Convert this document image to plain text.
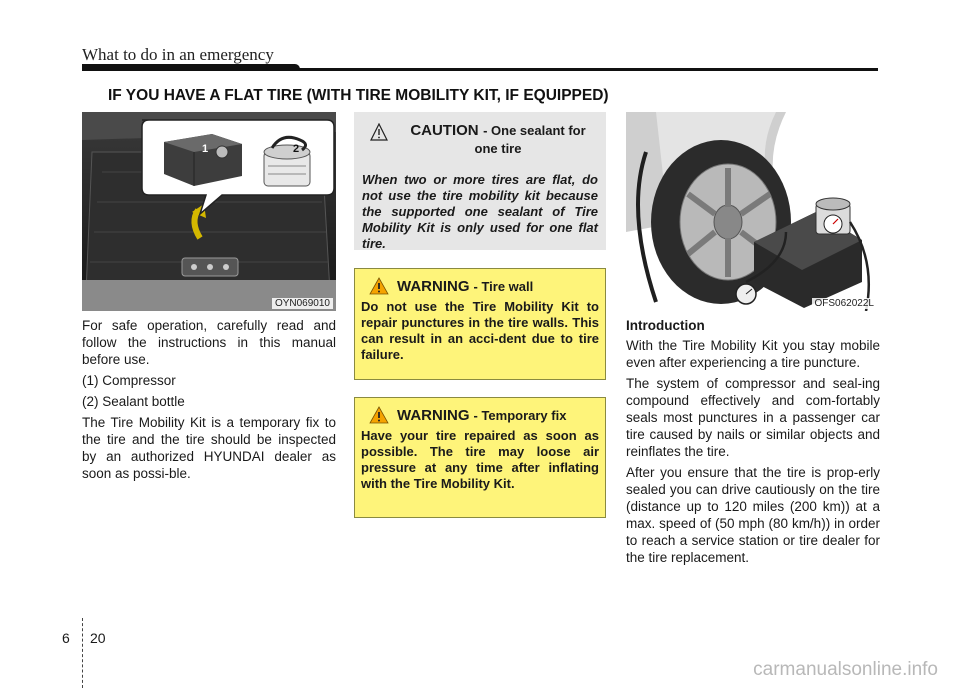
What to do in an emergency
IF YOU HAVE A FLAT TIRE (WITH TIRE MOBILITY KIT, IF EQUIPPED)
1	2
OYN069010

For safe operation, carefully read and follow the instructions in this manual before use.

(1) Compressor

(2) Sealant bottle

The Tire Mobility Kit is a temporary fix to the tire and the tire should be inspected by an authorized HYUNDAI dealer as soon as possi-ble.

CAUTION - One sealant for one tire
When two or more tires are flat, do not use the tire mobility kit because the supported one sealant of Tire Mobility Kit is only used for one flat tire.
WARNING - Tire wall
Do not use the Tire Mobility Kit to repair punctures in the tire walls. This can result in an acci-dent due to tire failure.
WARNING - Temporary fix
Have your tire repaired as soon as possible. The tire may loose air pressure at any time after inflating with the Tire Mobility Kit.
OFS062022L

Introduction

With the Tire Mobility Kit you stay mobile even after experiencing a tire puncture.

The system of compressor and seal-ing compound effectively and com-fortably seals most punctures in a passenger car tire caused by nails or similar objects and reinflates the tire.

After you ensure that the tire is prop-erly sealed you can drive cautiously on the tire (distance up to 120 miles (200 km)) at a max. speed of (50 mph (80 km/h)) in order to reach a service station or tire dealer for the tire replacement.

6 20
carmanualsonline.info
